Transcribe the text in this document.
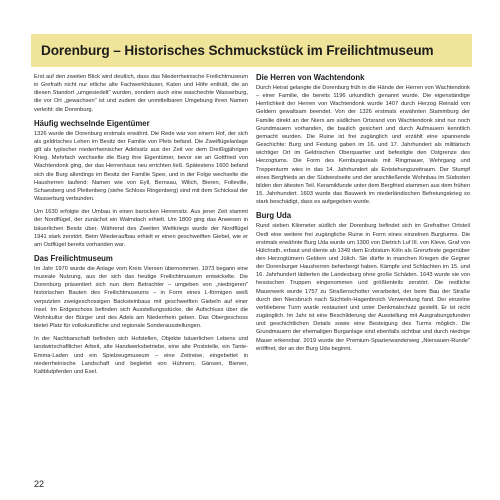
Dorenburg – Historisches Schmuckstück im Freilichtmuseum

Erst auf den zweiten Blick wird deutlich, dass das Niederrheinische Freilichtmuseum in Grefrath nicht nur etliche alte Fachwerkhäuser, Katen und Höfe enthält, die an diesen Standort „umgesiedelt" wurden, sondern auch eine waschechte Wasserburg, die vor Ort „gewachsen" ist und zudem der unmittelbaren Umgebung ihren Namen verleiht: die Dorenburg.

Häufig wechselnde Eigentümer

1326 wurde die Dorenburg erstmals erwähnt. Die Rede war von einem Hof, der sich als geldrisches Lehen im Besitz der Familie von Plets befand. Die Zweiflügelanlage gilt als typischer niederrheinischer Adelssitz aus der Zeit vor dem Dreißigjährigen Krieg. Mehrfach wechselte die Burg ihre Eigentümer, bevor sie an Gottfried von Wachtendonk ging, der das Herrenhaus neu errichten ließ. Spätestens 1600 befand sich die Burg allerdings im Besitz der Familie Spee, und in der Folge wechselte die Hausherren laufend: Namen wie von Eyll, Bernsau, Wilich, Bieren, Folleville, Schaesberg und Plettenberg (siehe Schloss Ringenberg) sind mit dem Schicksal der Wasserburg verbunden.

Um 1630 erfolgte der Umbau in einen barocken Herrensitz. Aus jener Zeit stammt der Nordflügel, der zunächst ein Walmdach erhielt. Um 1800 ging das Anwesen in bäuerlichen Besitz über. Während des Zweiten Weltkriegs wurde der Nordflügel 1941 stark zerstört. Beim Wiederaufbau erhielt er einen geschweiften Giebel, wie er am Ostflügel bereits vorhanden war.

Das Freilichtmuseum

Im Jahr 1970 wurde die Anlage vom Kreis Viersen übernommen. 1973 begann eine museale Nutzung, aus der sich das heutige Freilichtmuseum entwickelte. Die Dorenburg präsentiert sich nun dem Betrachter – umgeben von „niedrigeren" historischen Bauten des Freilichtmuseums – in Form eines L-förmigen weiß verputzten zweigeschossigen Backsteinbaus mit geschweiften Giebeln auf einer Insel. Im Erdgeschoss befinden sich Ausstellungsstücke, die Aufschluss über die Wohnkultur der Bürger und des Adels am Niederrhein geben. Das Obergeschoss bietet Platz für volkskundliche und regionale Sonderausstellungen.

In der Nachbarschaft befinden sich Hofstellen, Objekte bäuerlichen Lebens und landwirtschaftlicher Arbeit, alte Handwerksbetriebe, eine alte Poststelle, ein Tante-Emma-Laden und ein Spielzeugmuseum – eine Zeitreise, eingebettet in niederrheinische Landschaft und begleitet von Hühnern, Gänsen, Bienen, Kaltblutpferden und Esel.

Die Herren von Wachtendonk

Durch Heirat gelangte die Dorenburg früh in die Hände der Herren von Wachtendonk – einer Familie, die bereits 1196 urkundlich genannt wurde. Die eigenständige Herrlichkeit der Herren von Wachtendonk wurde 1407 durch Herzog Reinald von Geldern gewaltsam beendet. Von der 1326 erstmals erwähnten Stammburg der Familie direkt an der Niers am südlichen Ortsrand von Wachtendonk sind nur noch Grundmauern vorhanden, die baulich gesichert und durch Aufmauern kenntlich gemacht wurden. Die Ruine ist frei zugänglich und erzählt eine spannende Geschichte: Burg und Festung gaben im 16. und 17. Jahrhundert als militärisch wichtiger Ort im Geldrischen Oberquartier und befestigte den Ostgrenze des Herzogtums. Die Form des Kernburgareals mit Ringmauer, Wehrgang und Treppenturm wies in das 14. Jahrhundert als Entstehungszeitraum. Der Stumpf eines Bergfrieds an der Südwestseite und der anschließende Wohnbau im Südosten bilden den ältesten Teil. Keramikfunde unter dem Bergfried stammen aus dem frühen 15. Jahrhundert. 1603 wurde das Bauwerk im niederländischen Befreiungskrieg so stark beschädigt, dass es aufgegeben wurde.

Burg Uda

Rund sieben Kilometer südlich der Dorenburg befindet sich im Grefrather Ortsteil Oedt eine weitere frei zugängliche Ruine in Form eines einzelnen Burgturms. Die erstmals erwähnte Burg Uda wurde um 1300 von Dietrich Luf III. von Kleve, Graf von Hülchrath, erbaut und diente ab 1349 dem Erzbistum Köln als Grenzfeste gegenüber den Herzogtümern Geldern und Jülich. Sie dürfte in manchen Kriegen die Gegner der Dorenburger Hausherren beherbergt haben. Kämpfe und Schlachten im 15. und 16. Jahrhundert lädierten die Landesburg ohne große Schäden. 1643 wurde sie von hessischen Truppen eingenommen und größtenteils zerstört. Die restliche Mauerwerk wurde 1757 zu Straßenschotter verarbeitet, der beim Bau der Straße durch den Niersbruch nach Süchteln-Hagenbroich Verwendung fand. Der einzelne verbliebene Turm wurde restauriert und unter Denkmalschutz gestellt. Er ist nicht zugänglich. Im Jahr ist eine Beschilderung der Ausstellung mit Ausgrabungsfunden und geschichtlichen Details sowie eine Besteigung des Turms möglich. Die Grundmauern der ehemaligen Burganlage sind ebenfalls sichtbar und durch niedrige Mauer erkennbar. 2019 wurde der Premium-Spazierwanderweg „Niersauen-Runde" eröffnet, der an der Burg Uda beginnt.

22
